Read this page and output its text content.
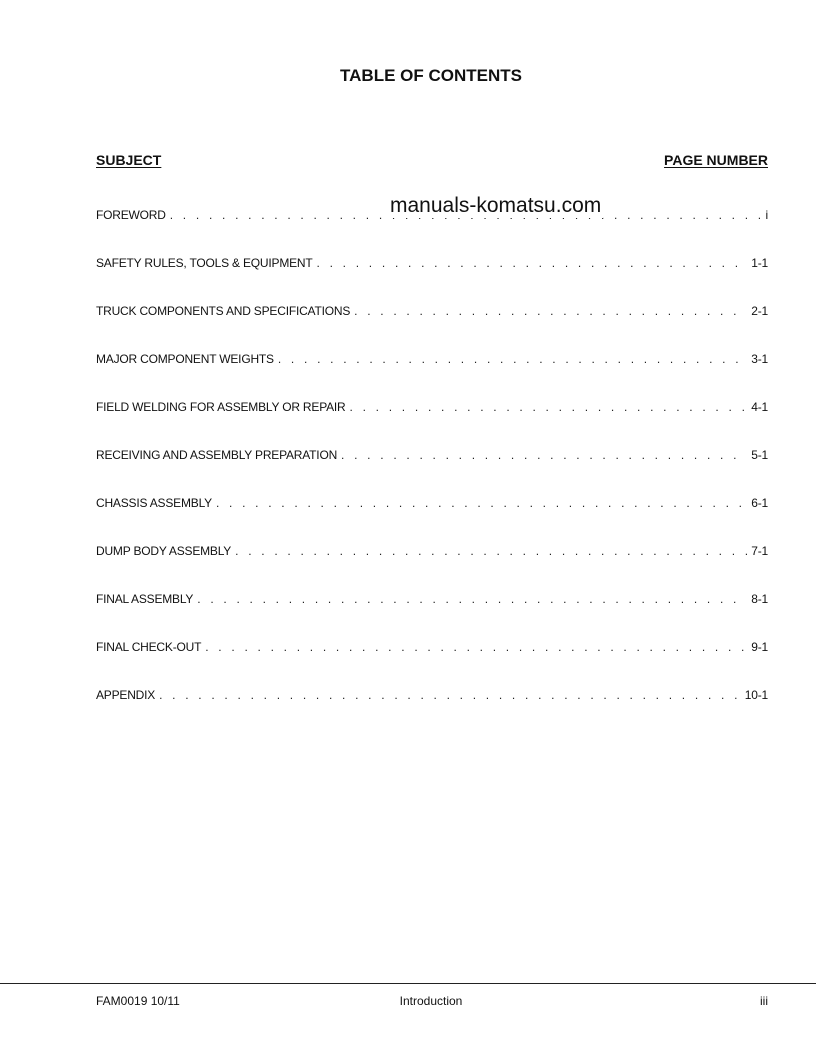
TABLE OF CONTENTS
SUBJECT	PAGE NUMBER
manuals-komatsu.com
FOREWORD . . .	i
SAFETY RULES, TOOLS & EQUIPMENT . . .	1-1
TRUCK COMPONENTS AND SPECIFICATIONS . . .	2-1
MAJOR COMPONENT WEIGHTS . . .	3-1
FIELD WELDING FOR ASSEMBLY OR REPAIR . . .	4-1
RECEIVING AND ASSEMBLY PREPARATION . . .	5-1
CHASSIS ASSEMBLY . . .	6-1
DUMP BODY ASSEMBLY . . .	7-1
FINAL ASSEMBLY . . .	8-1
FINAL CHECK-OUT . . .	9-1
APPENDIX . . .	10-1
FAM0019 10/11	Introduction	iii
